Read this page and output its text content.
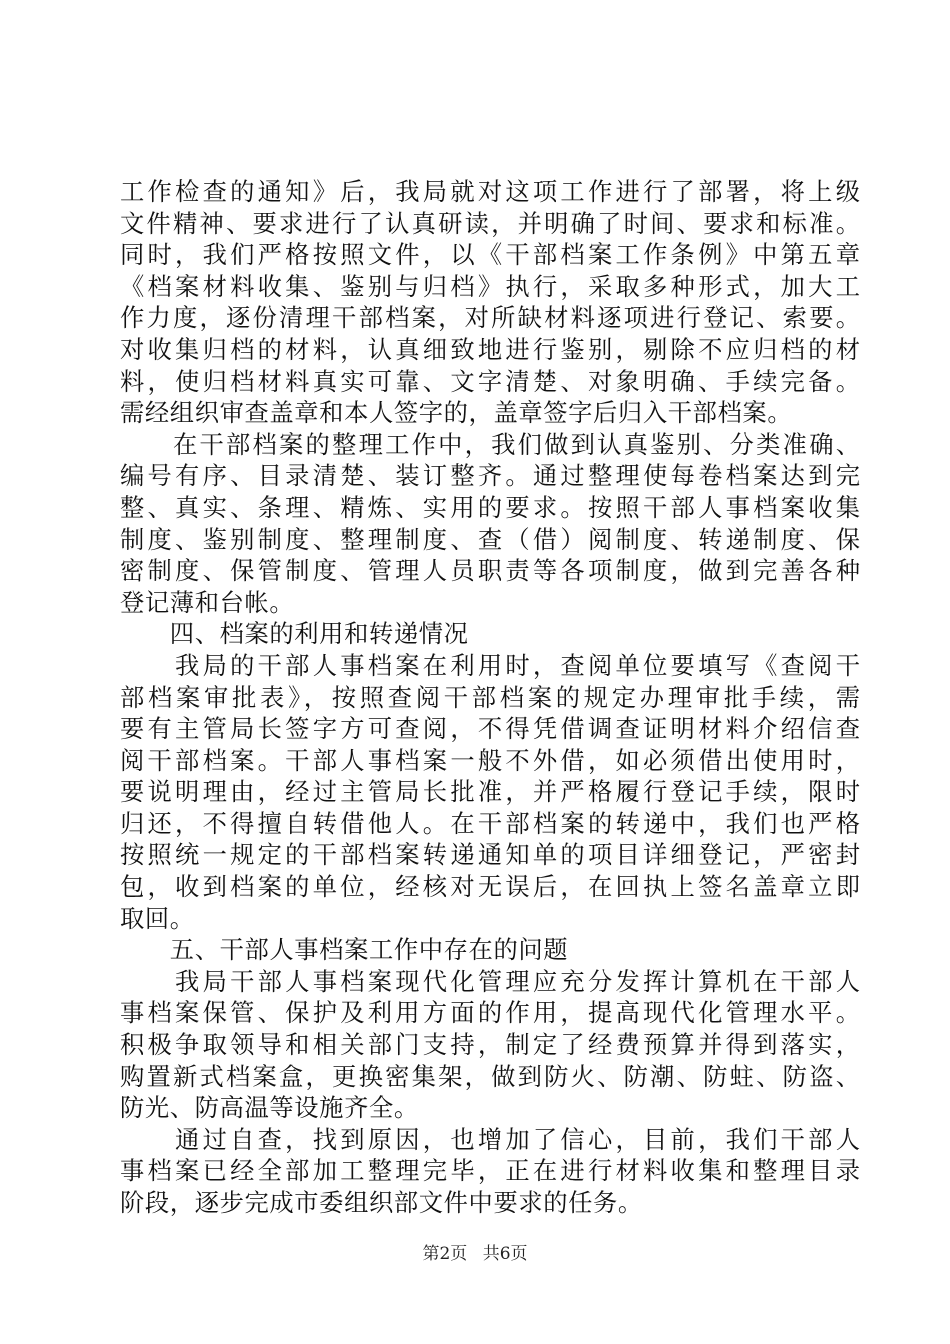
工作检查的通知》后，我局就对这项工作进行了部署，将上级
文件精神、要求进行了认真研读，并明确了时间、要求和标准。
同时，我们严格按照文件，以《干部档案工作条例》中第五章
《档案材料收集、鉴别与归档》执行，采取多种形式，加大工
作力度，逐份清理干部档案，对所缺材料逐项进行登记、索要。
对收集归档的材料，认真细致地进行鉴别，剔除不应归档的材
料，使归档材料真实可靠、文字清楚、对象明确、手续完备。
需经组织审查盖章和本人签字的，盖章签字后归入干部档案。
　　在干部档案的整理工作中，我们做到认真鉴别、分类准确、
编号有序、目录清楚、装订整齐。通过整理使每卷档案达到完
整、真实、条理、精炼、实用的要求。按照干部人事档案收集
制度、鉴别制度、整理制度、查（借）阅制度、转递制度、保
密制度、保管制度、管理人员职责等各项制度，做到完善各种
登记薄和台帐。
　　四、档案的利用和转递情况
　　我局的干部人事档案在利用时，查阅单位要填写《查阅干
部档案审批表》，按照查阅干部档案的规定办理审批手续，需
要有主管局长签字方可查阅，不得凭借调查证明材料介绍信查
阅干部档案。干部人事档案一般不外借，如必须借出使用时，
要说明理由，经过主管局长批准，并严格履行登记手续，限时
归还，不得擅自转借他人。在干部档案的转递中，我们也严格
按照统一规定的干部档案转递通知单的项目详细登记，严密封
包，收到档案的单位，经核对无误后，在回执上签名盖章立即
取回。
　　五、干部人事档案工作中存在的问题
　　我局干部人事档案现代化管理应充分发挥计算机在干部人
事档案保管、保护及利用方面的作用，提高现代化管理水平。
积极争取领导和相关部门支持，制定了经费预算并得到落实，
购置新式档案盒，更换密集架，做到防火、防潮、防蛀、防盗、
防光、防高温等设施齐全。
　　通过自查，找到原因，也增加了信心，目前，我们干部人
事档案已经全部加工整理完毕，正在进行材料收集和整理目录
阶段，逐步完成市委组织部文件中要求的任务。
第2页 共6页
